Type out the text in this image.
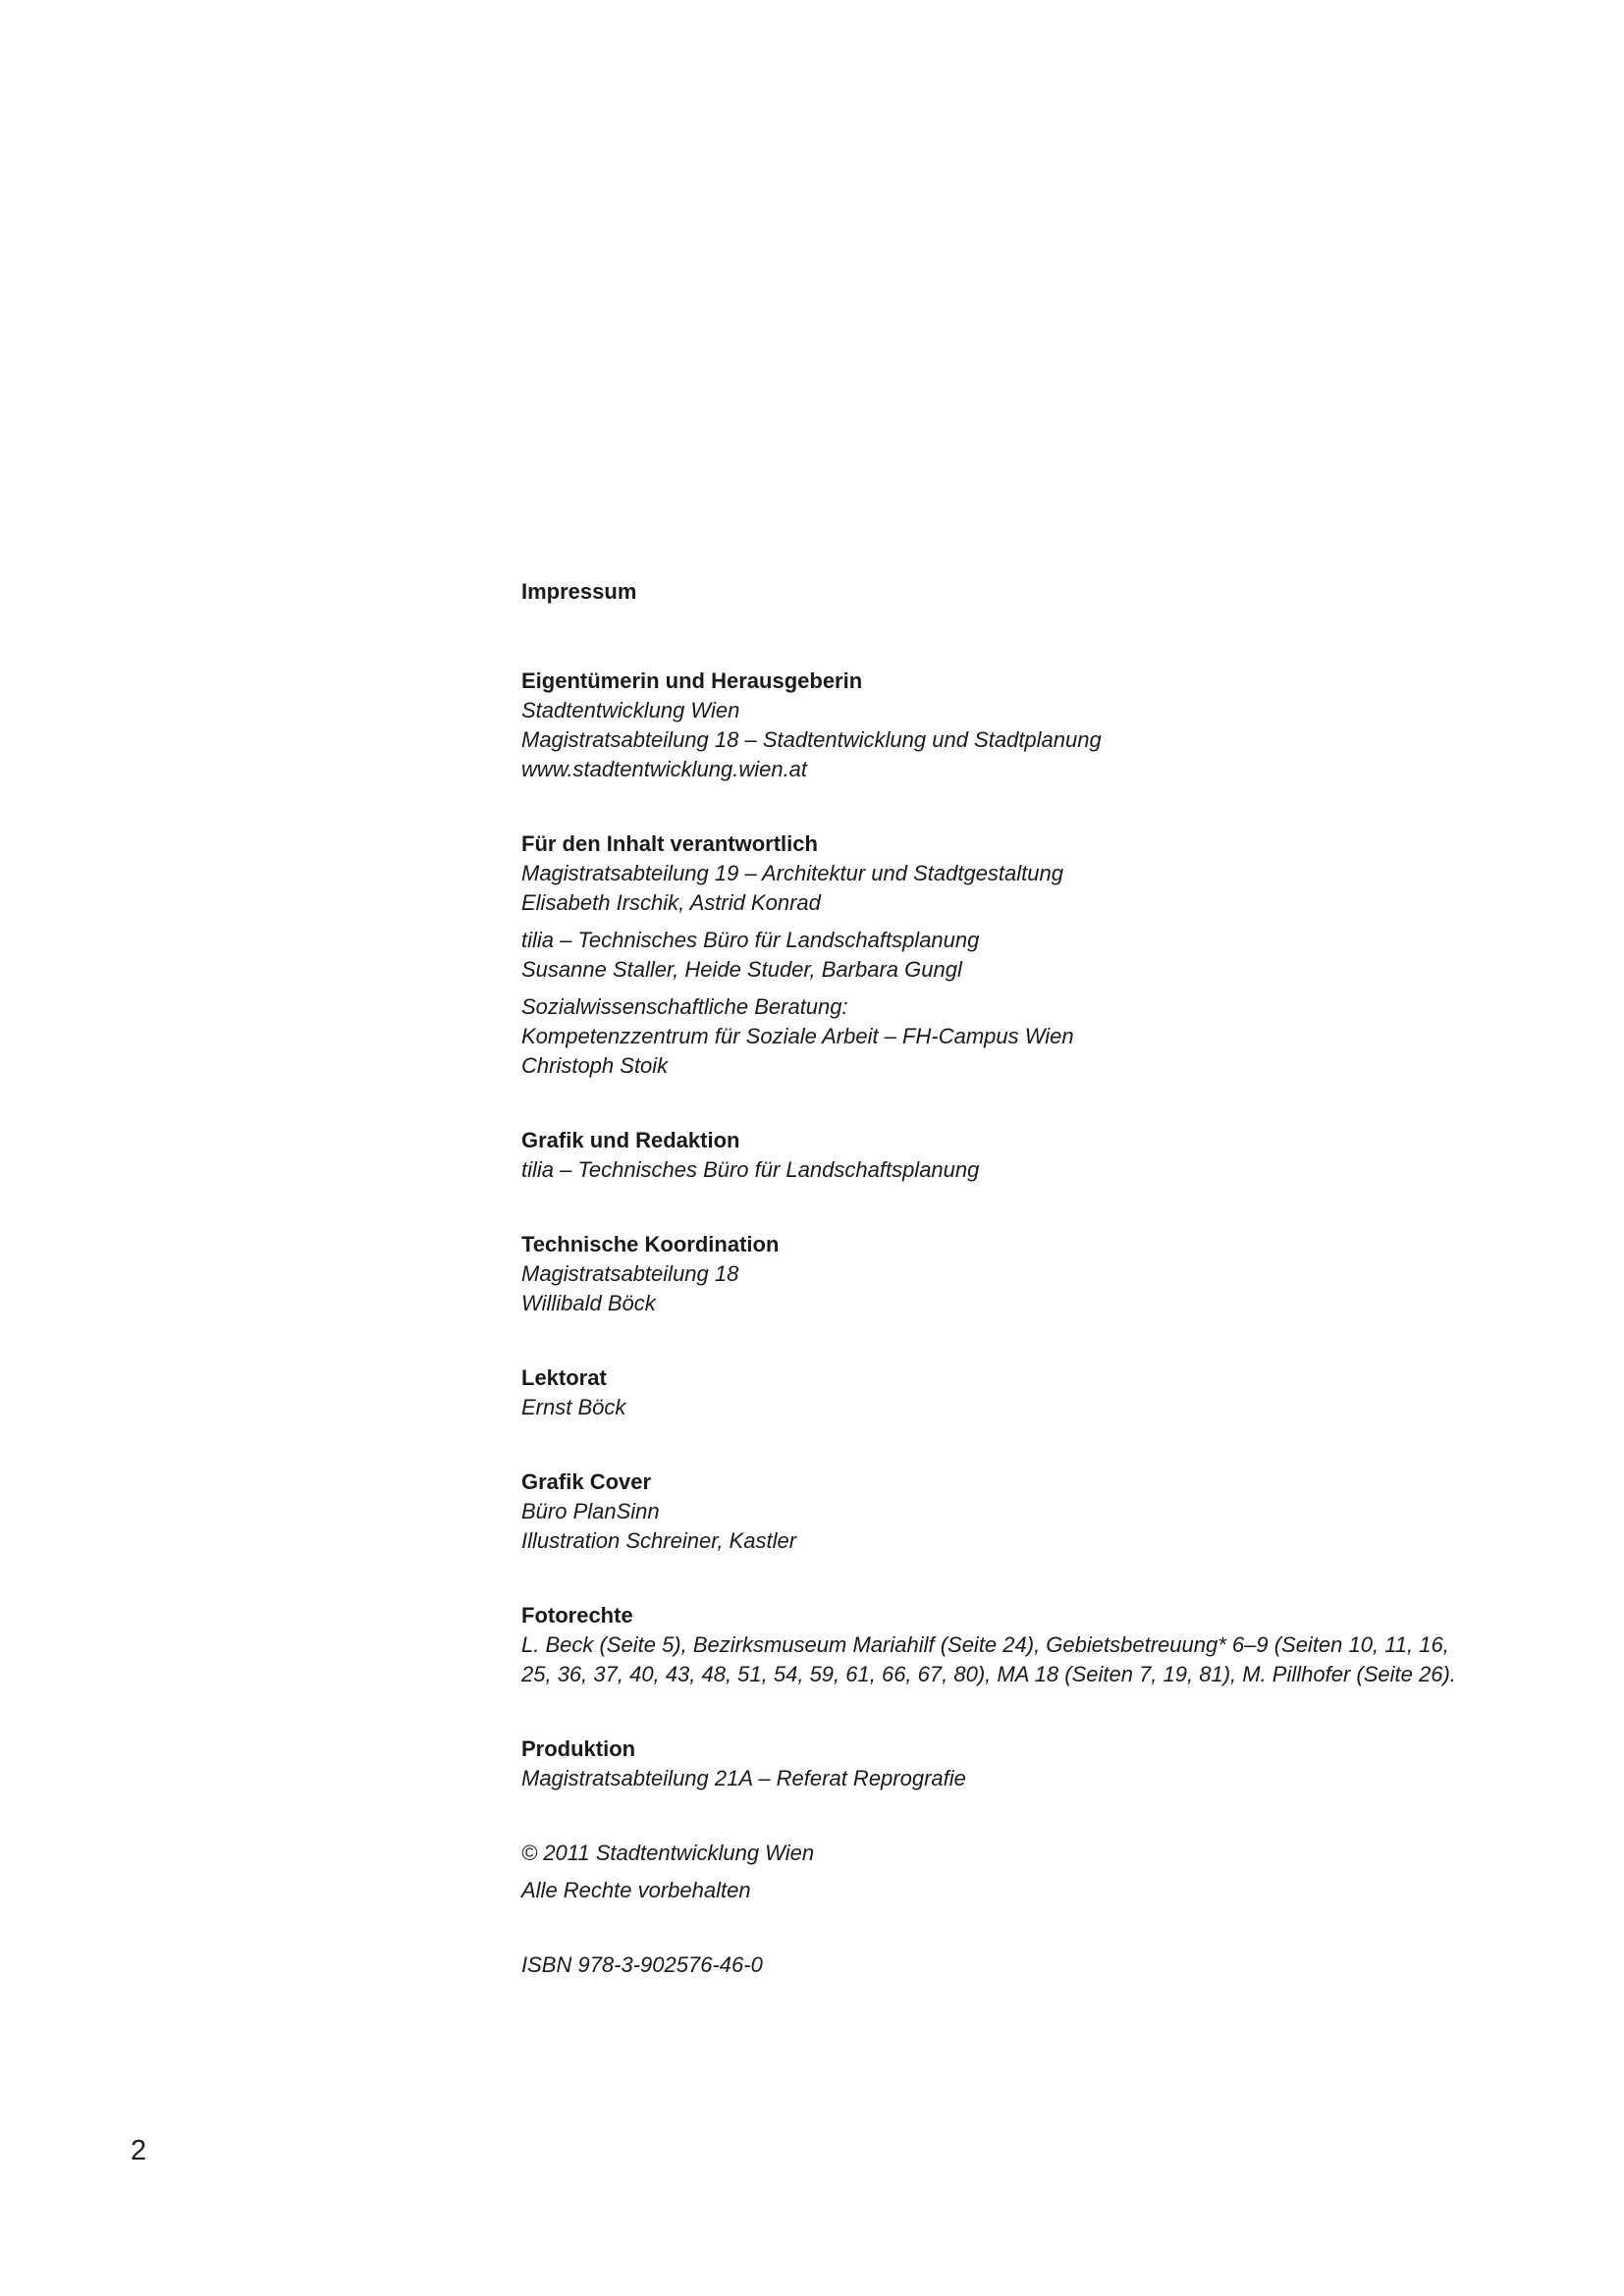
Impressum
Eigentümerin und Herausgeberin
Stadtentwicklung Wien
Magistratsabteilung 18 – Stadtentwicklung und Stadtplanung
www.stadtentwicklung.wien.at
Für den Inhalt verantwortlich
Magistratsabteilung 19 – Architektur und Stadtgestaltung
Elisabeth Irschik, Astrid Konrad
tilia – Technisches Büro für Landschaftsplanung
Susanne Staller, Heide Studer, Barbara Gungl
Sozialwissenschaftliche Beratung:
Kompetenzzentrum für Soziale Arbeit – FH-Campus Wien
Christoph Stoik
Grafik und Redaktion
tilia – Technisches Büro für Landschaftsplanung
Technische Koordination
Magistratsabteilung 18
Willibald Böck
Lektorat
Ernst Böck
Grafik Cover
Büro PlanSinn
Illustration Schreiner, Kastler
Fotorechte
L. Beck (Seite 5), Bezirksmuseum Mariahilf (Seite 24), Gebietsbetreuung* 6–9 (Seiten 10, 11, 16, 25, 36, 37, 40, 43, 48, 51, 54, 59, 61, 66, 67, 80), MA 18 (Seiten 7, 19, 81), M. Pillhofer (Seite 26).
Produktion
Magistratsabteilung 21A – Referat Reprografie
© 2011 Stadtentwicklung Wien
Alle Rechte vorbehalten
ISBN 978-3-902576-46-0
2
